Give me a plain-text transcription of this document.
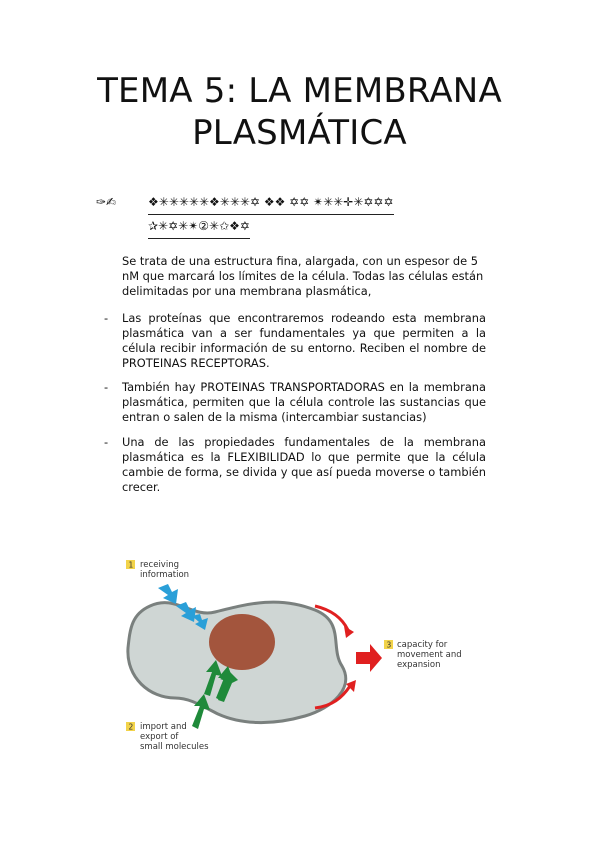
TEMA 5: LA MEMBRANA
PLASMÁTICA
✑✍	❖✳✳✳✳✳❖✳✳✳✡ ❖❖ ✡✡ ✴✳✳✛✳✡✡✡
✰✳✡✳✴②✳✩❖✡
Se trata de una estructura fina, alargada, con un espesor de 5 nM que marcará los límites de la célula. Todas las células están delimitadas por una membrana plasmática,
- Las proteínas que encontraremos rodeando esta membrana plasmática van a ser fundamentales ya que permiten a la célula recibir información de su entorno. Reciben el nombre de PROTEINAS RECEPTORAS.
- También hay PROTEINAS TRANSPORTADORAS en la membrana plasmática, permiten que la célula controle las sustancias que entran o salen de la misma (intercambiar sustancias)
- Una de las propiedades fundamentales de la membrana plasmática es la FLEXIBILIDAD lo que permite que la célula cambie de forma, se divida y que así pueda moverse o también crecer.
1 receiving
information
2 import and
export of
small molecules
3 capacity for
movement and
expansion
